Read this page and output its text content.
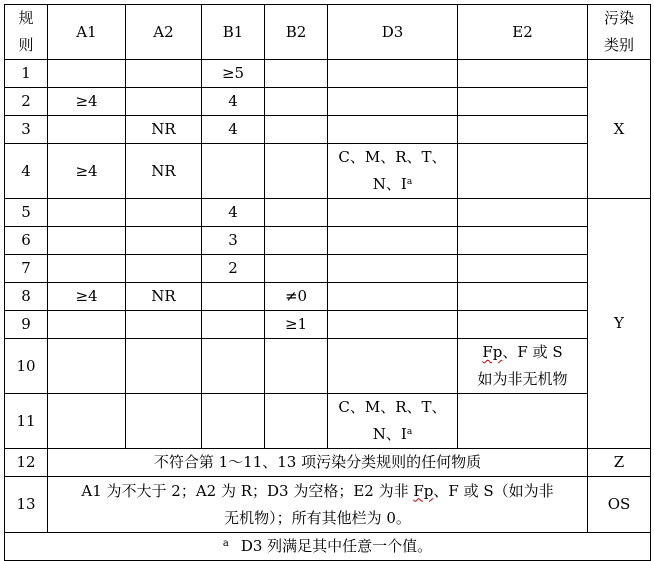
规
则	A1	A2	B1	B2	D3	E2	污染
类别
1			≥5				X
2	≥4		4				
3		NR	4				
4	≥4	NR			C、M、R、T、
N、$I^a$	
5			4				Y
6			3				
7			2				
8	≥4	NR		≠0			
9				≥1			
10						Fp、F 或 S
如为非无机物	
11					C、M、R、T、
N、$I^a$	
12	不符合第 1～11、13 项污染分类规则的任何物质						Z
13	A1 为不大于 2；A2 为 R；D3 为空格；E2 为非 Fp、F 或 S（如为非
无机物）；所有其他栏为 0。						OS
$^a$ D3 列满足其中任意一个值。							
